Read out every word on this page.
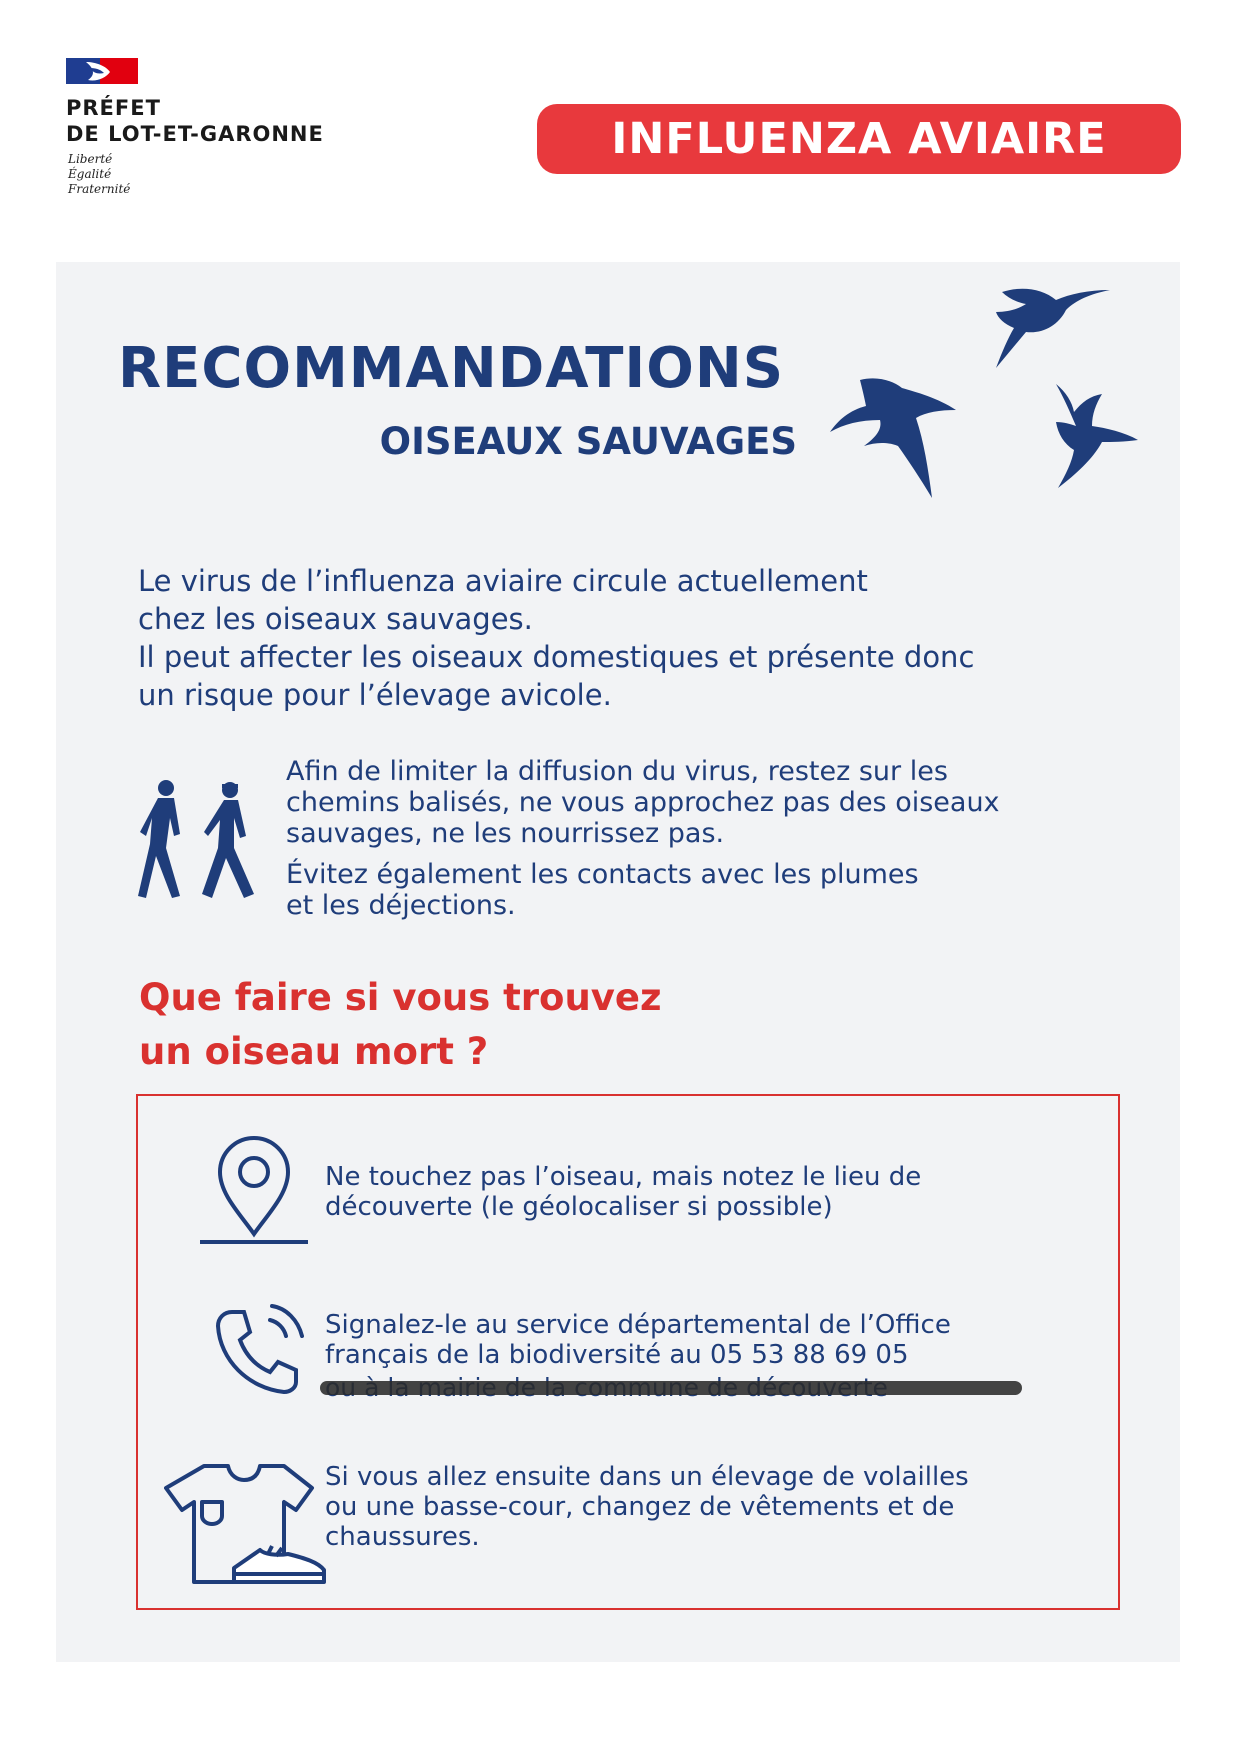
PRÉFET
DE LOT-ET-GARONNE
Liberté
Égalité
Fraternité
INFLUENZA AVIAIRE
RECOMMANDATIONS
OISEAUX SAUVAGES
Le virus de l’influenza aviaire circule actuellement
chez les oiseaux sauvages.
Il peut affecter les oiseaux domestiques et présente donc
un risque pour l’élevage avicole.
Afin de limiter la diffusion du virus, restez sur les
chemins balisés, ne vous approchez pas des oiseaux
sauvages, ne les nourrissez pas.
Évitez également les contacts avec les plumes
et les déjections.
Que faire si vous trouvez
un oiseau mort ?
Ne touchez pas l’oiseau, mais notez le lieu de
découverte (le géolocaliser si possible)
Signalez-le au service départemental de l’Office
français de la biodiversité au 05 53 88 69 05
Si vous allez ensuite dans un élevage de volailles
ou une basse-cour, changez de vêtements et de
chaussures.
